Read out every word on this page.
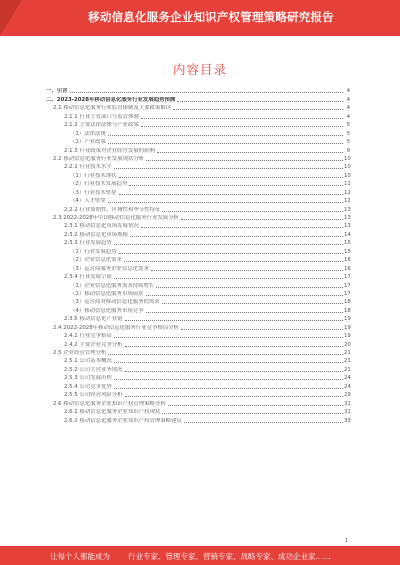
移动信息化服务企业知识产权管理策略研究报告
内容目录
一、引言	4
二、2023-2028年移动信息化服务行业发展趋势预测	4
2.1 移动信息化服务行业监管体制及主要政策解读	4
2.1.1 行业主管部门与监管体制	4
2.1.2 主要法律法规与产业政策	5
（1）法律法规	5
（2）产业政策	5
2.1.3 行业政策对企业经营发展的影响	9
2.2 移动信息化服务行业发展现状分析	10
2.2.1 行业技术水平	10
（1）行业技术现状	10
（2）行业技术发展趋势	11
（3）行业技术壁垒	12
（4）人才壁垒	12
2.2.2 行业周期性、区域性和季节性特征	13
2.3 2022-2028年中国移动信息化服务行业发展分析	13
2.3.1 移动信息化市场发展情况	13
2.3.2 移动信息化市场规模	14
2.3.3 行业发展趋势	15
（1）行业发展趋势	15
（2）企业信息化需求	16
（3）运营商服务企业信息化需求	16
2.3.4 行业发展空间	17
（1）企业信息化服务需求持续增长	17
（2）移动信息化服务市场前景	17
（3）运营商对移动信息化服务的需求	18
（4）移动信息化服务市场竞争	18
2.3.5 移动信息化产业链	19
2.4 2022-2028年移动信息化服务行业竞争格局分析	19
2.4.1 行业竞争格局	19
2.4.2 主要企业竞争分析	20
2.5 企业经营管理分析	21
2.5.1 公司基本概况	21
2.5.2 公司主营业务情况	21
2.5.3 公司发展历程	24
2.5.4 公司竞争优势	24
2.5.5 公司经营风险分析	29
2.6 移动信息化服务企业知识产权管理策略分析	31
2.6.1 移动信息化服务企业知识产权现状	31
2.6.2 移动信息化服务企业知识产权管理策略建议	33
1
让每个人都能成为 行业专家、管理专家、营销专家、战略专家、成功企业家……
